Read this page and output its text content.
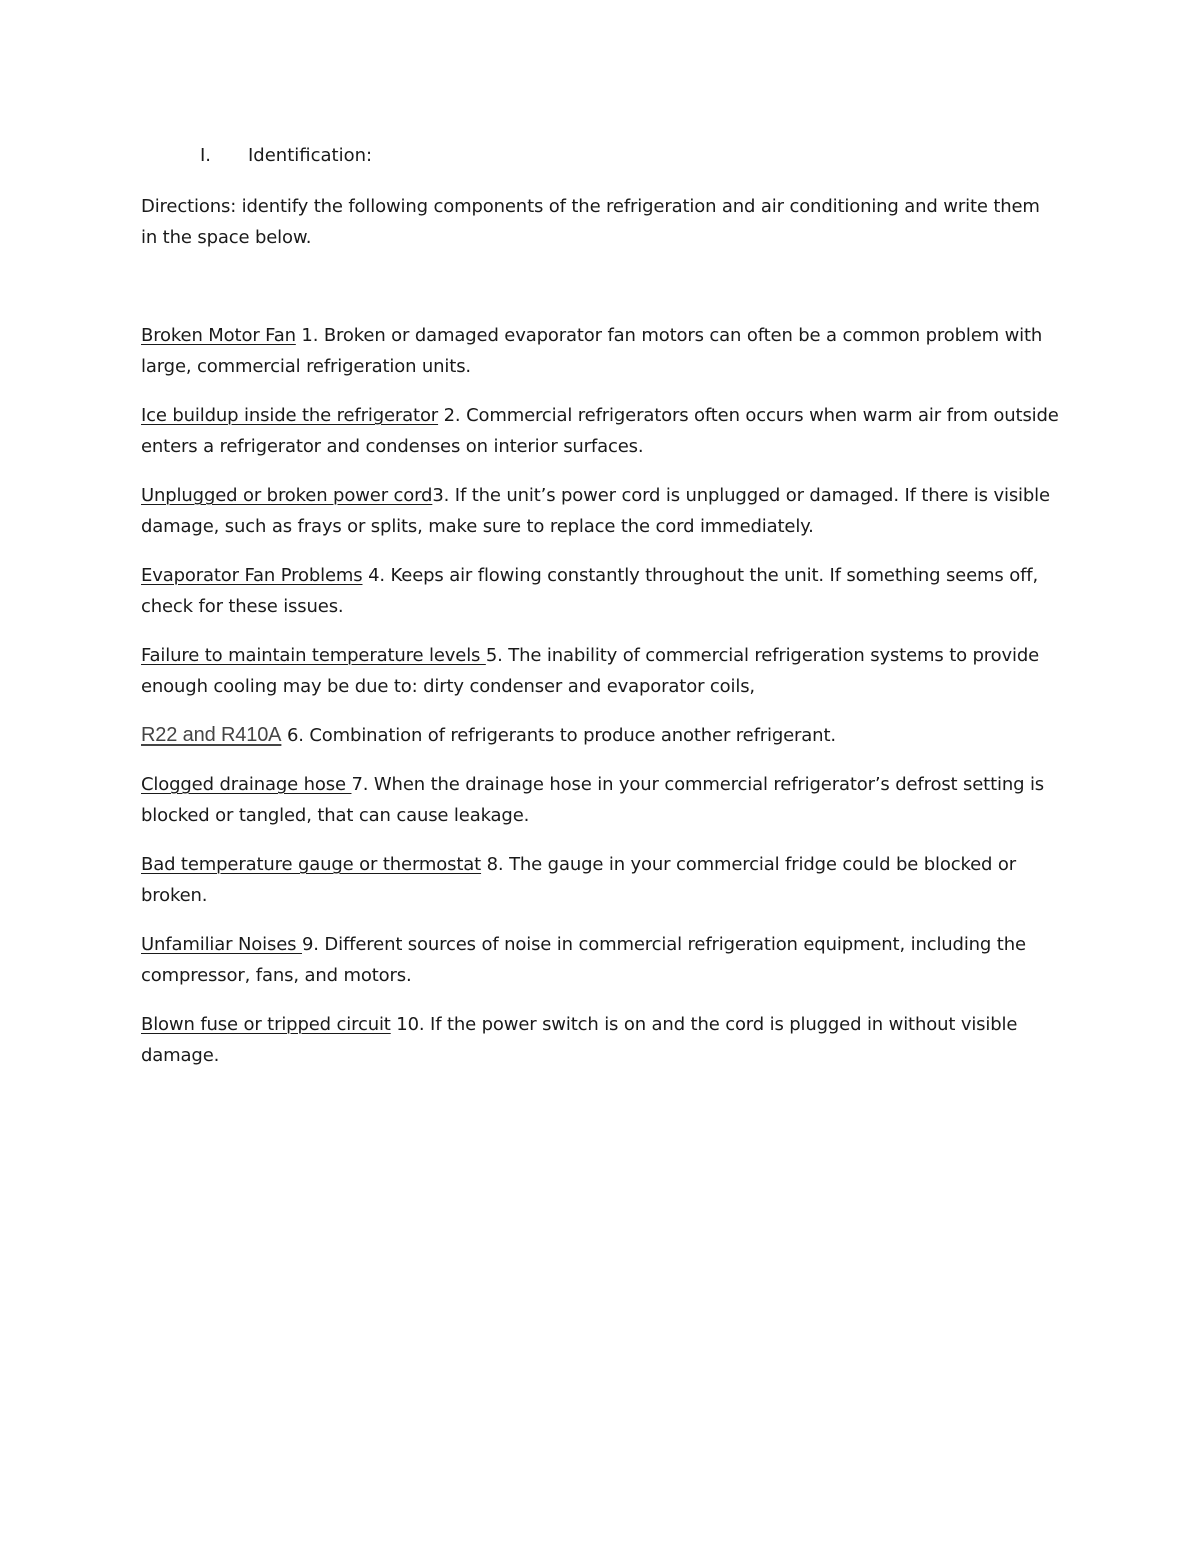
I. Identification:
Directions: identify the following components of the refrigeration and air conditioning and write them in the space below.
Broken Motor Fan 1. Broken or damaged evaporator fan motors can often be a common problem with large, commercial refrigeration units.
Ice buildup inside the refrigerator 2. Commercial refrigerators often occurs when warm air from outside enters a refrigerator and condenses on interior surfaces.
Unplugged or broken power cord3. If the unit’s power cord is unplugged or damaged. If there is visible damage, such as frays or splits, make sure to replace the cord immediately.
Evaporator Fan Problems 4. Keeps air flowing constantly throughout the unit. If something seems off, check for these issues.
Failure to maintain temperature levels 5. The inability of commercial refrigeration systems to provide enough cooling may be due to: dirty condenser and evaporator coils,
R22 and R410A 6. Combination of refrigerants to produce another refrigerant.
Clogged drainage hose 7. When the drainage hose in your commercial refrigerator’s defrost setting is blocked or tangled, that can cause leakage.
Bad temperature gauge or thermostat 8. The gauge in your commercial fridge could be blocked or broken.
Unfamiliar Noises 9. Different sources of noise in commercial refrigeration equipment, including the compressor, fans, and motors.
Blown fuse or tripped circuit 10. If the power switch is on and the cord is plugged in without visible damage.
